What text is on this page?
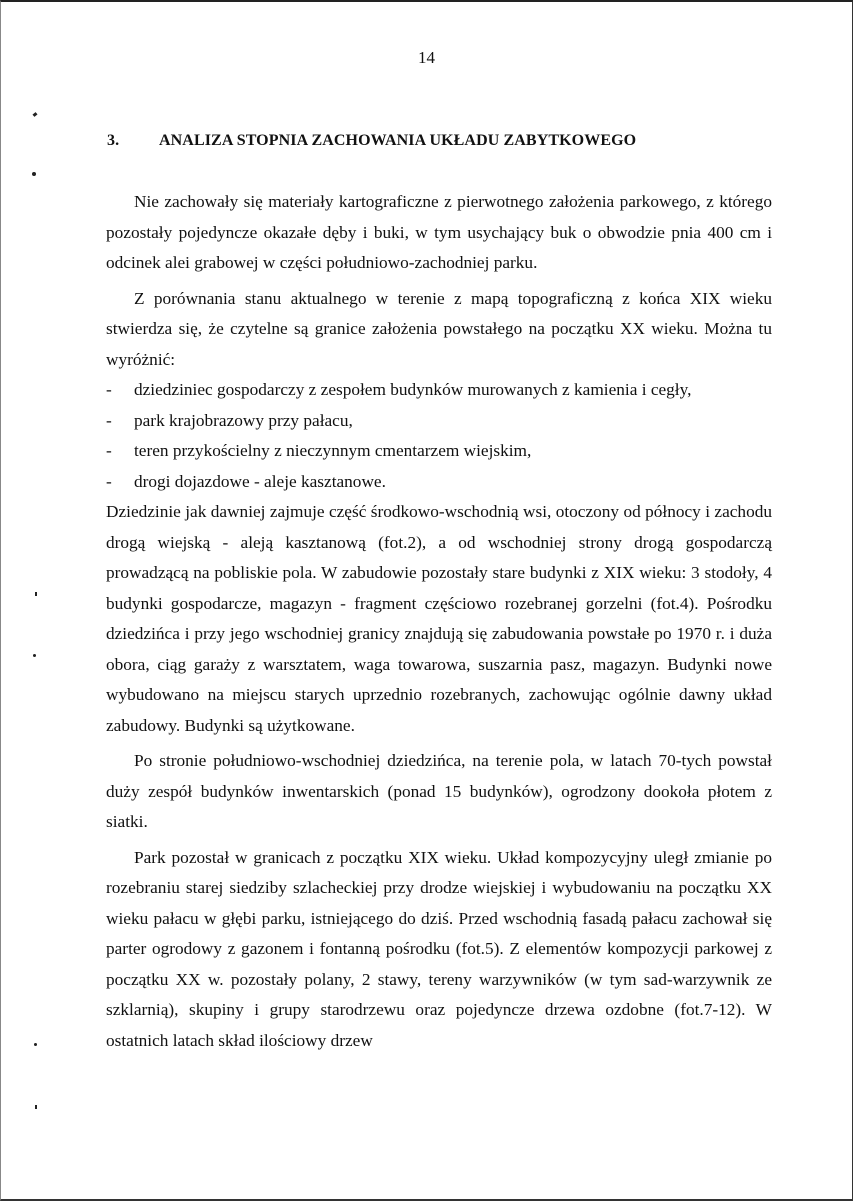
14
3. ANALIZA STOPNIA ZACHOWANIA UKŁADU ZABYTKOWEGO

Nie zachowały się materiały kartograficzne z pierwotnego założenia parkowego, z którego pozostały pojedyncze okazałe dęby i buki, w tym usychający buk o obwodzie pnia 400 cm i odcinek alei grabowej w części południowo-zachodniej parku.

Z porównania stanu aktualnego w terenie z mapą topograficzną z końca XIX wieku stwierdza się, że czytelne są granice założenia powstałego na początku XX wieku. Można tu wyróżnić:

- dziedziniec gospodarczy z zespołem budynków murowanych z kamienia i cegły,
- park krajobrazowy przy pałacu,
- teren przykościelny z nieczynnym cmentarzem wiejskim,
- drogi dojazdowe - aleje kasztanowe.

Dziedzinie jak dawniej zajmuje część środkowo-wschodnią wsi, otoczony od północy i zachodu drogą wiejską - aleją kasztanową (fot.2), a od wschodniej strony drogą gospodarczą prowadzącą na pobliskie pola. W zabudowie pozostały stare budynki z XIX wieku: 3 stodoły, 4 budynki gospodarcze, magazyn - fragment częściowo rozebranej gorzelni (fot.4). Pośrodku dziedzińca i przy jego wschodniej granicy znajdują się zabudowania powstałe po 1970 r. i duża obora, ciąg garaży z warsztatem, waga towarowa, suszarnia pasz, magazyn. Budynki nowe wybudowano na miejscu starych uprzednio rozebranych, zachowując ogólnie dawny układ zabudowy. Budynki są użytkowane.

Po stronie południowo-wschodniej dziedzińca, na terenie pola, w latach 70-tych powstał duży zespół budynków inwentarskich (ponad 15 budynków), ogrodzony dookoła płotem z siatki.

Park pozostał w granicach z początku XIX wieku. Układ kompozycyjny uległ zmianie po rozebraniu starej siedziby szlacheckiej przy drodze wiejskiej i wybudowaniu na początku XX wieku pałacu w głębi parku, istniejącego do dziś. Przed wschodnią fasadą pałacu zachował się parter ogrodowy z gazonem i fontanną pośrodku (fot.5). Z elementów kompozycji parkowej z początku XX w. pozostały polany, 2 stawy, tereny warzywników (w tym sad-warzywnik ze szklarnią), skupiny i grupy starodrzewu oraz pojedyncze drzewa ozdobne (fot.7-12). W ostatnich latach skład ilościowy drzew
